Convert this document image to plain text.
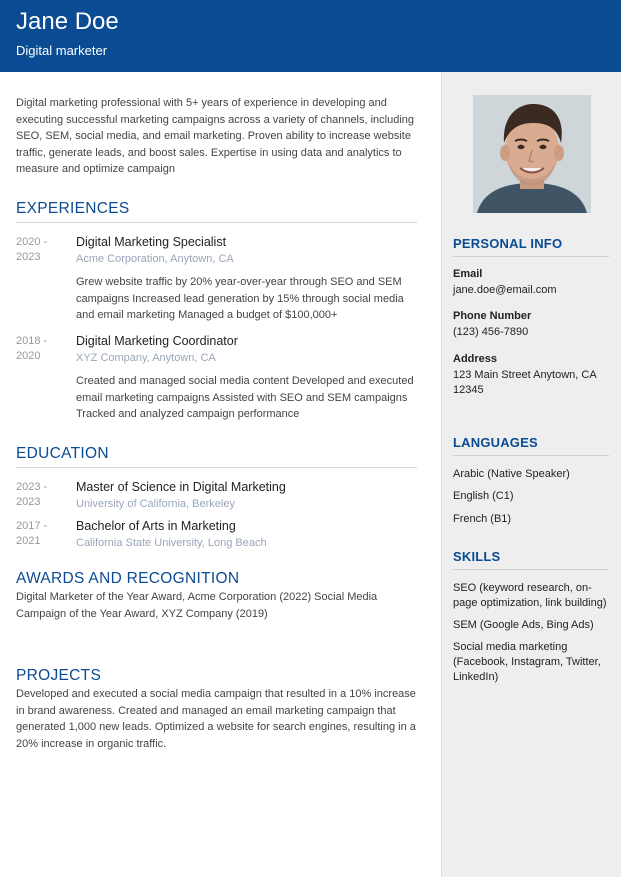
Jane Doe
Digital marketer
Digital marketing professional with 5+ years of experience in developing and executing successful marketing campaigns across a variety of channels, including SEO, SEM, social media, and email marketing. Proven ability to increase website traffic, generate leads, and boost sales. Expertise in using data and analytics to measure and optimize campaign
EXPERIENCES
2020 -
2023
Digital Marketing Specialist
Acme Corporation, Anytown, CA
Grew website traffic by 20% year-over-year through SEO and SEM campaigns Increased lead generation by 15% through social media and email marketing Managed a budget of $100,000+
2018 -
2020
Digital Marketing Coordinator
XYZ Company, Anytown, CA
Created and managed social media content Developed and executed email marketing campaigns Assisted with SEO and SEM campaigns Tracked and analyzed campaign performance
EDUCATION
2023 -
2023
Master of Science in Digital Marketing
University of California, Berkeley
2017 -
2021
Bachelor of Arts in Marketing
California State University, Long Beach
AWARDS AND RECOGNITION
Digital Marketer of the Year Award, Acme Corporation (2022) Social Media Campaign of the Year Award, XYZ Company (2019)
PROJECTS
Developed and executed a social media campaign that resulted in a 10% increase in brand awareness. Created and managed an email marketing campaign that generated 1,000 new leads. Optimized a website for search engines, resulting in a 20% increase in organic traffic.
PERSONAL INFO
Email
jane.doe@email.com
Phone Number
(123) 456-7890
Address
123 Main Street Anytown, CA 12345
LANGUAGES
Arabic (Native Speaker)
English (C1)
French (B1)
SKILLS
SEO (keyword research, on-page optimization, link building)
SEM (Google Ads, Bing Ads)
Social media marketing (Facebook, Instagram, Twitter, LinkedIn)
